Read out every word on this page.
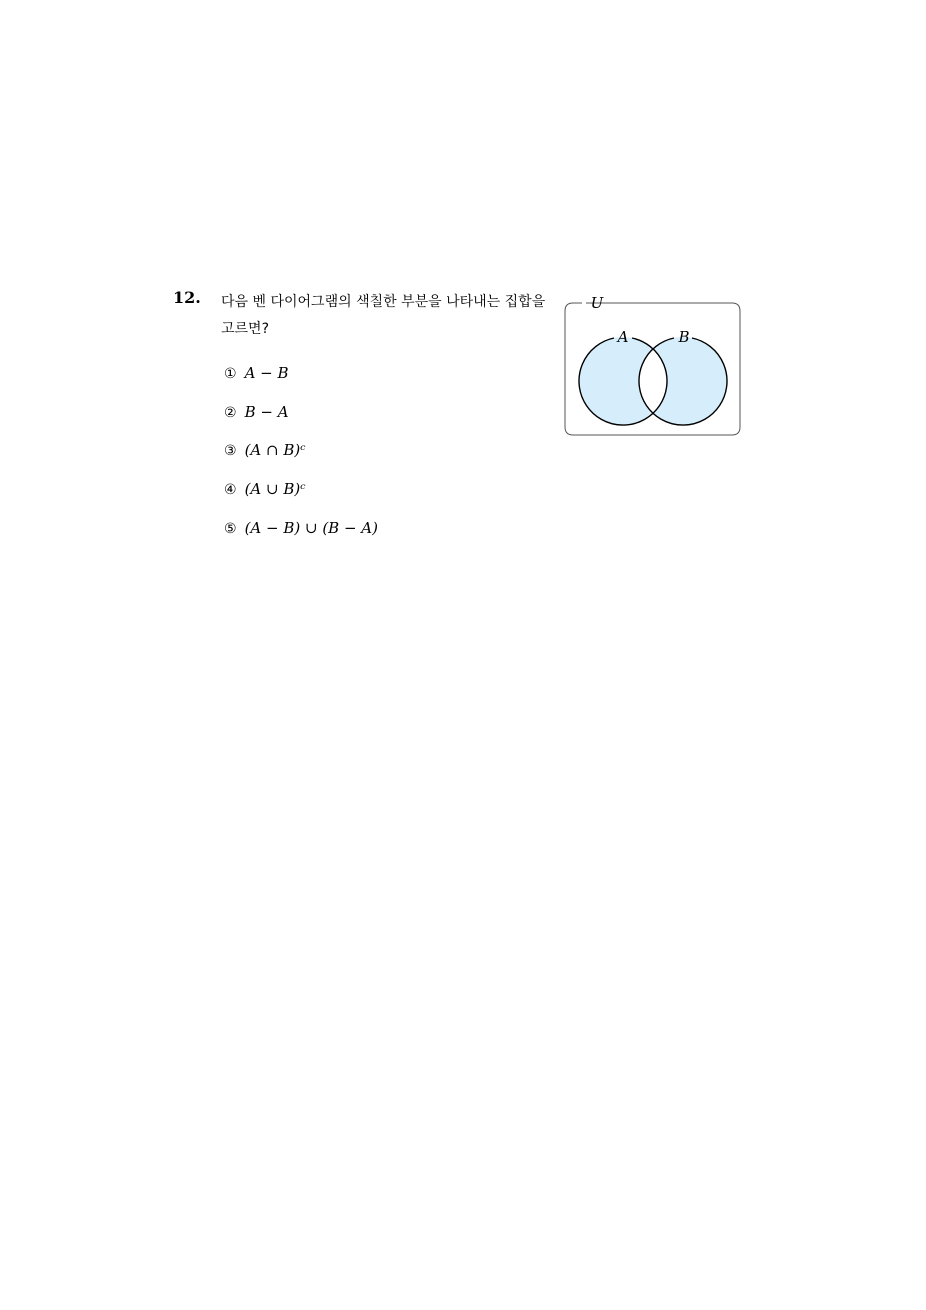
12. 다음 벤 다이어그램의 색칠한 부분을 나타내는 집합을 고르면?
① A − B
② B − A
③ (A ∩ B)ᶜ
④ (A ∪ B)ᶜ
⑤ (A − B) ∪ (B − A)
U
A	B
